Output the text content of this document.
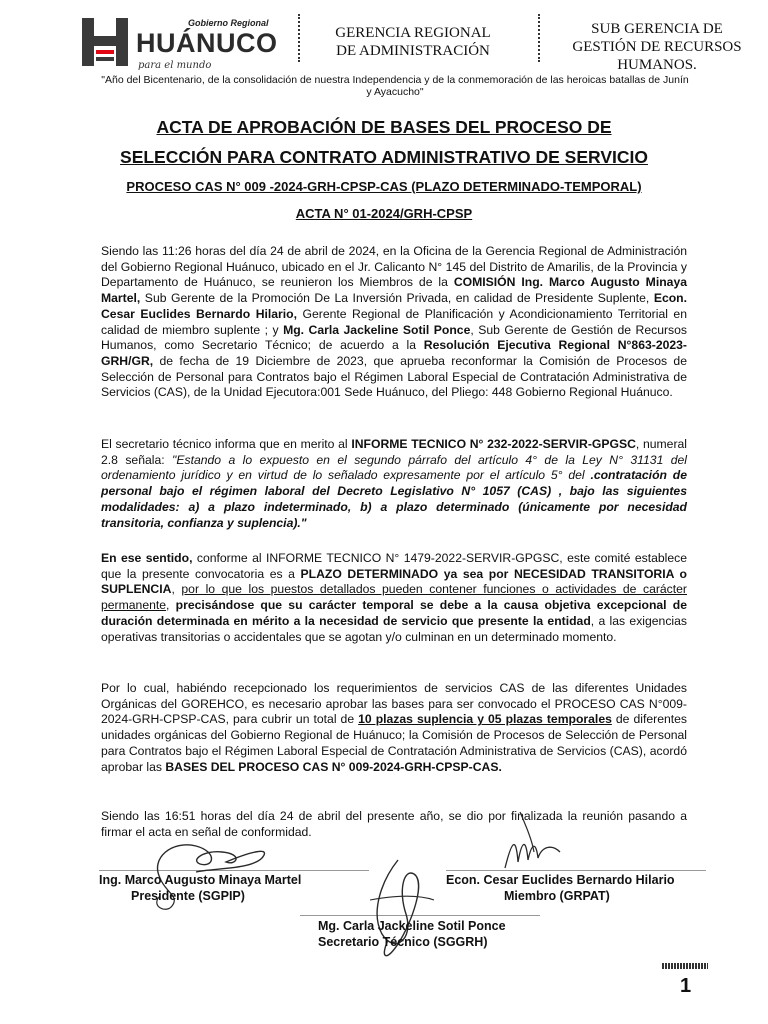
Gobierno Regional
HUÁNUCO
para el mundo
GERENCIA REGIONAL
DE ADMINISTRACIÓN
SUB GERENCIA DE
GESTIÓN DE RECURSOS
HUMANOS.
"Año del Bicentenario, de la consolidación de nuestra Independencia y de la conmemoración de las heroicas batallas de Junín y Ayacucho"
ACTA DE APROBACIÓN DE BASES DEL PROCESO DE
SELECCIÓN PARA CONTRATO ADMINISTRATIVO DE SERVICIO
PROCESO CAS N° 009 -2024-GRH-CPSP-CAS (PLAZO DETERMINADO-TEMPORAL)
ACTA N° 01-2024/GRH-CPSP

Siendo las 11:26 horas del día 24 de abril de 2024, en la Oficina de la Gerencia Regional de Administración del Gobierno Regional Huánuco, ubicado en el Jr. Calicanto N° 145 del Distrito de Amarilis, de la Provincia y Departamento de Huánuco, se reunieron los Miembros de la COMISIÓN Ing. Marco Augusto Minaya Martel, Sub Gerente de la Promoción De La Inversión Privada, en calidad de Presidente Suplente, Econ. Cesar Euclides Bernardo Hilario, Gerente Regional de Planificación y Acondicionamiento Territorial en calidad de miembro suplente ; y Mg. Carla Jackeline Sotil Ponce, Sub Gerente de Gestión de Recursos Humanos, como Secretario Técnico; de acuerdo a la Resolución Ejecutiva Regional N°863-2023-GRH/GR, de fecha de 19 Diciembre de 2023, que aprueba reconformar la Comisión de Procesos de Selección de Personal para Contratos bajo el Régimen Laboral Especial de Contratación Administrativa de Servicios (CAS), de la Unidad Ejecutora:001 Sede Huánuco, del Pliego: 448 Gobierno Regional Huánuco.

El secretario técnico informa que en merito al INFORME TECNICO N° 232-2022-SERVIR-GPGSC, numeral 2.8 señala: "Estando a lo expuesto en el segundo párrafo del artículo 4° de la Ley N° 31131 del ordenamiento jurídico y en virtud de lo señalado expresamente por el artículo 5° del .contratación de personal bajo el régimen laboral del Decreto Legislativo N° 1057 (CAS) , bajo las siguientes modalidades: a) a plazo indeterminado, b) a plazo determinado (únicamente por necesidad transitoria, confianza y suplencia)."

En ese sentido, conforme al INFORME TECNICO N° 1479-2022-SERVIR-GPGSC, este comité establece que la presente convocatoria es a PLAZO DETERMINADO ya sea por NECESIDAD TRANSITORIA o SUPLENCIA, por lo que los puestos detallados pueden contener funciones o actividades de carácter permanente, precisándose que su carácter temporal se debe a la causa objetiva excepcional de duración determinada en mérito a la necesidad de servicio que presente la entidad, a las exigencias operativas transitorias o accidentales que se agotan y/o culminan en un determinado momento.

Por lo cual, habiéndo recepcionado los requerimientos de servicios CAS de las diferentes Unidades Orgánicas del GOREHCO, es necesario aprobar las bases para ser convocado el PROCESO CAS N°009-2024-GRH-CPSP-CAS, para cubrir un total de 10 plazas suplencia y 05 plazas temporales de diferentes unidades orgánicas del Gobierno Regional de Huánuco; la Comisión de Procesos de Selección de Personal para Contratos bajo el Régimen Laboral Especial de Contratación Administrativa de Servicios (CAS), acordó aprobar las BASES DEL PROCESO CAS N° 009-2024-GRH-CPSP-CAS.

Siendo las 16:51 horas del día 24 de abril del presente año, se dio por finalizada la reunión pasando a firmar el acta en señal de conformidad.

Ing. Marco Augusto Minaya Martel
Presidente (SGPIP)
Econ. Cesar Euclides Bernardo Hilario
Miembro (GRPAT)
Mg. Carla Jackeline Sotil Ponce
Secretario Técnico (SGGRH)
1
